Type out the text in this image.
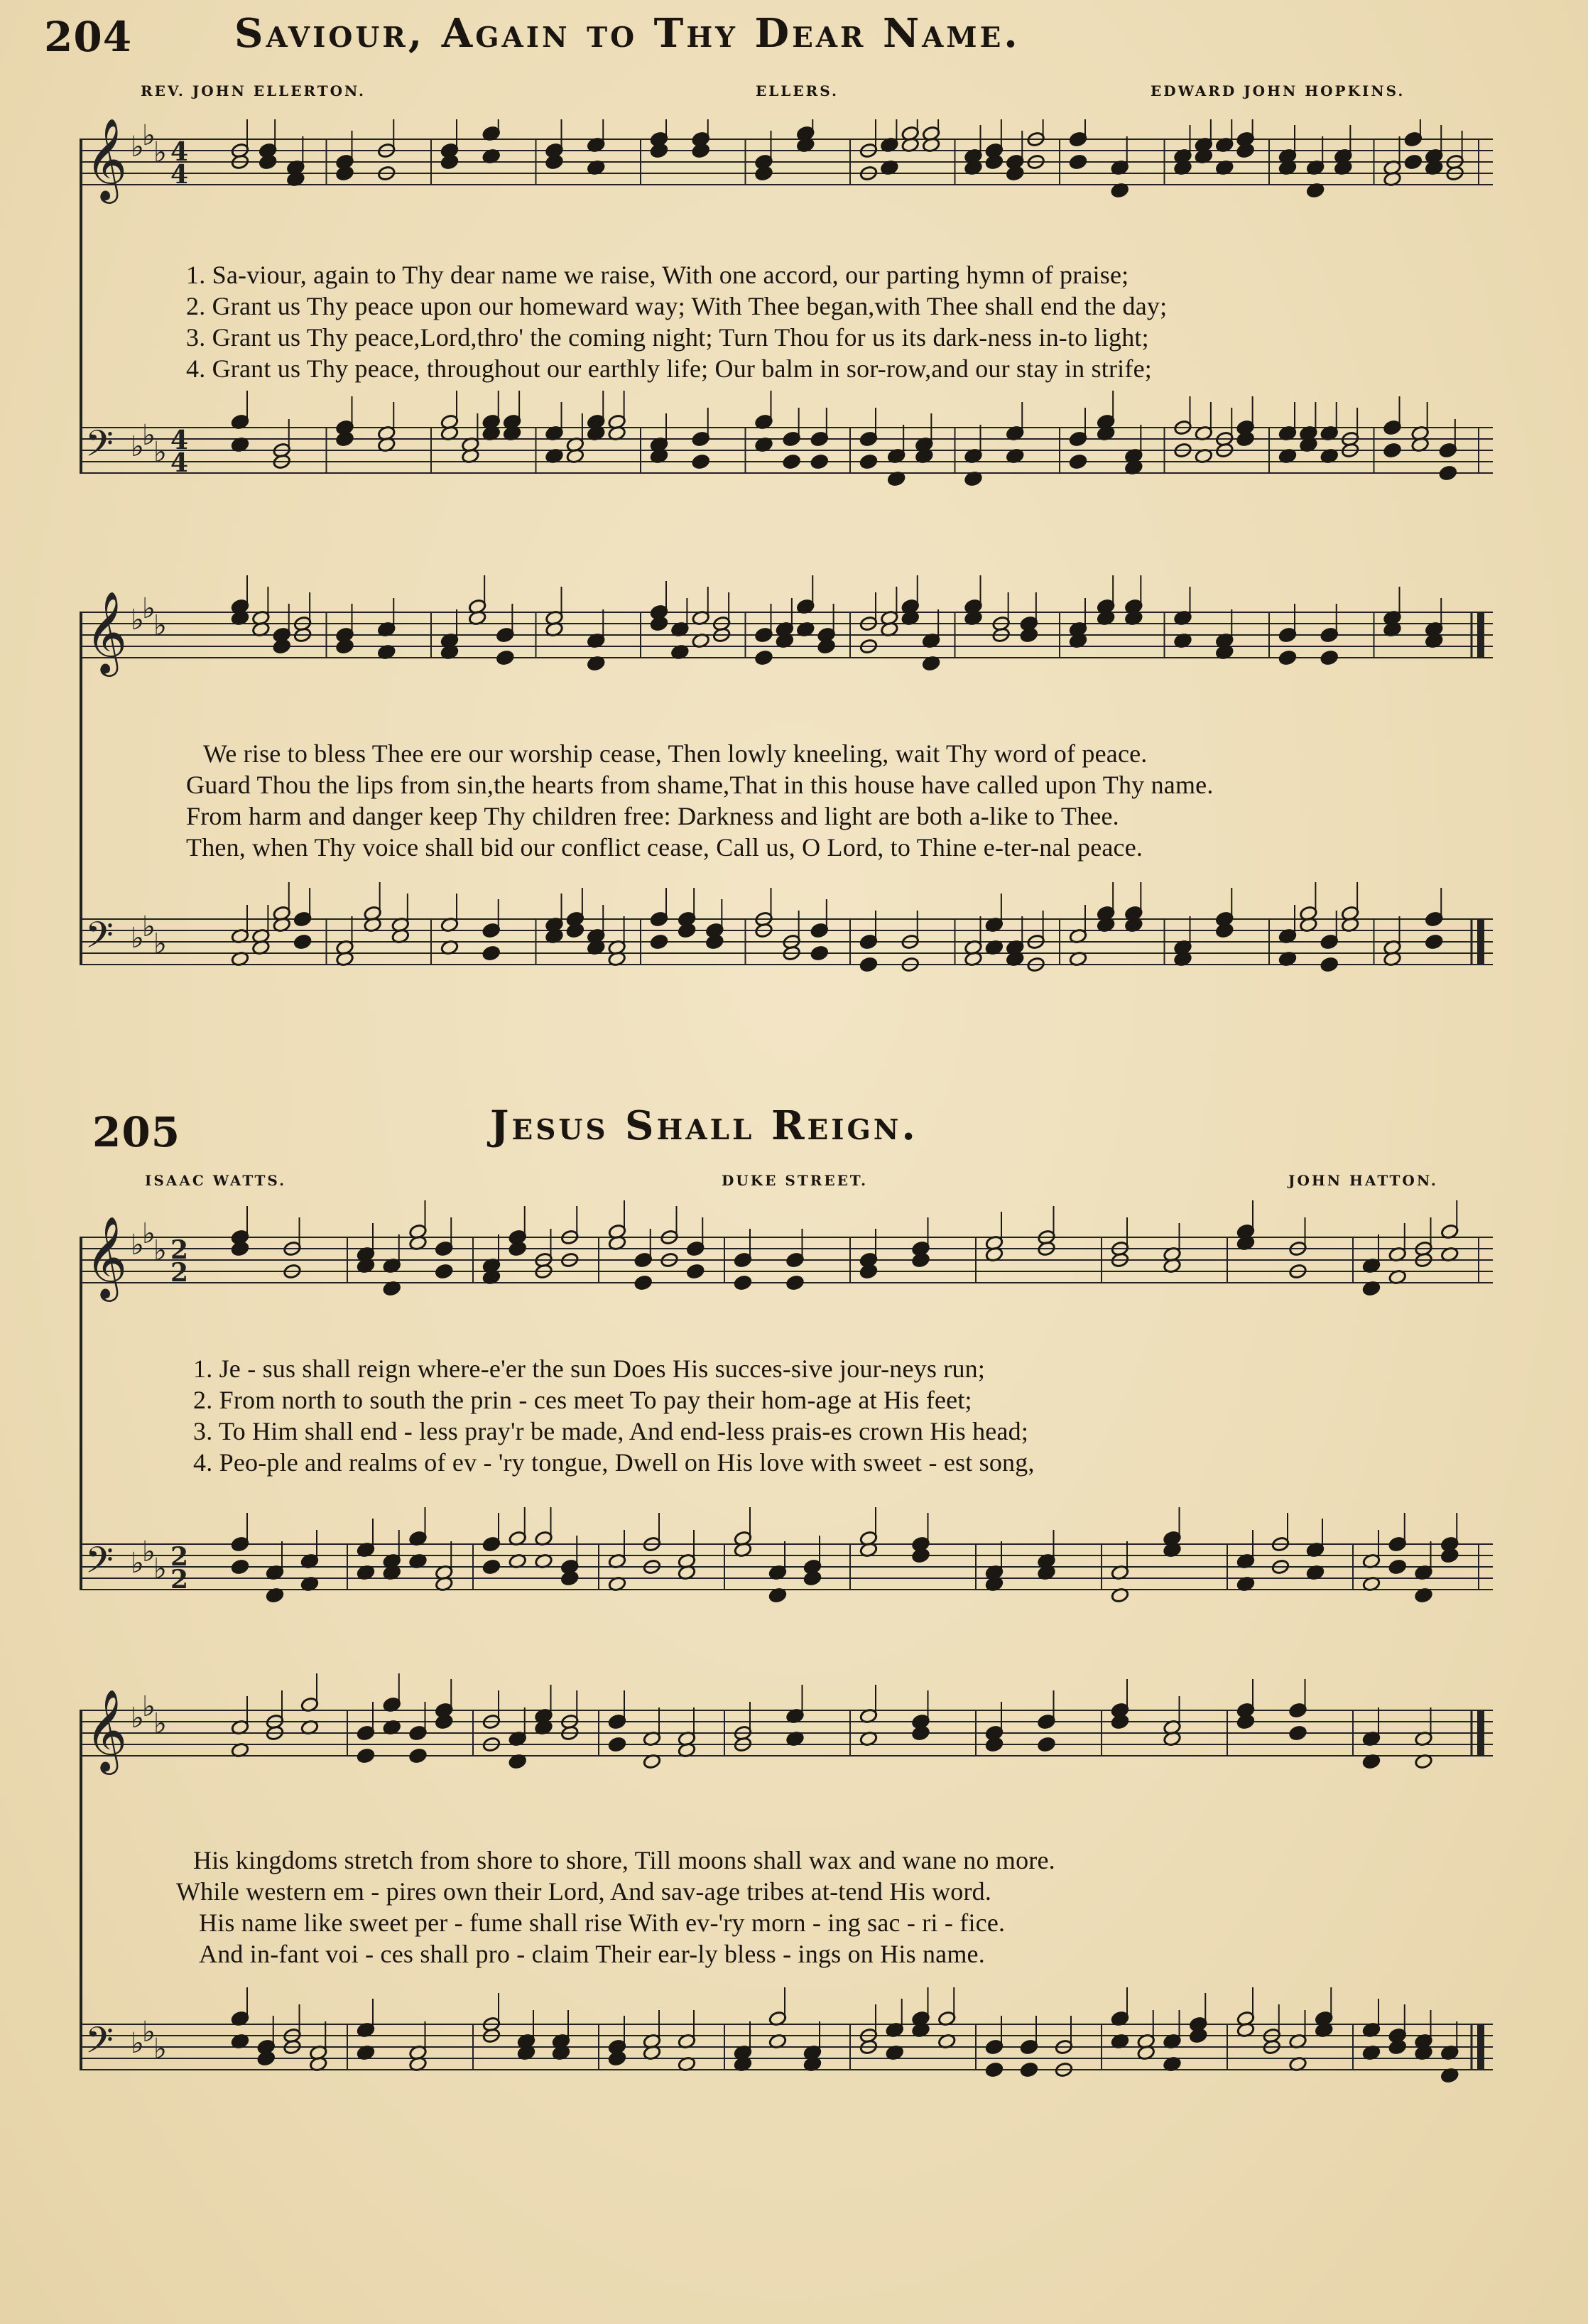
204	Saviour, Again to Thy Dear Name.
REV. JOHN ELLERTON.	ELLERS.	EDWARD JOHN HOPKINS.
𝄞 ♭
♭
♭ 4
4
𝄢 ♭
♭
♭ 4
4
𝄞 ♭
♭
♭
𝄢 ♭
♭
♭
1. Sa-viour, again to Thy dear name we raise, With one accord, our parting hymn of praise;
2. Grant us Thy peace upon our homeward way; With Thee began,with Thee shall end the day;
3. Grant us Thy peace,Lord,thro' the coming night; Turn Thou for us its dark-ness in-to light;
4. Grant us Thy peace, throughout our earthly life; Our balm in sor-row,and our stay in strife;
We rise to bless Thee ere our worship cease, Then lowly kneeling, wait Thy word of peace.
Guard Thou the lips from sin,the hearts from shame,That in this house have called upon Thy name.
From harm and danger keep Thy children free: Darkness and light are both a-like to Thee.
Then, when Thy voice shall bid our conflict cease, Call us, O Lord, to Thine e-ter-nal peace.
205	Jesus Shall Reign.
ISAAC WATTS.	DUKE STREET.	JOHN HATTON.
𝄞 ♭
♭
♭ 2
2
𝄢 ♭
♭
♭ 2
2
𝄞 ♭
♭
♭
𝄢 ♭
♭
♭
1. Je - sus shall reign where-e'er the sun Does His succes-sive jour-neys run;
2. From north to south the prin - ces meet To pay their hom-age at His feet;
3. To Him shall end - less pray'r be made, And end-less prais-es crown His head;
4. Peo-ple and realms of ev - 'ry tongue, Dwell on His love with sweet - est song,
His kingdoms stretch from shore to shore, Till moons shall wax and wane no more.
While western em - pires own their Lord, And sav-age tribes at-tend His word.
His name like sweet per - fume shall rise With ev-'ry morn - ing sac - ri - fice.
And in-fant voi - ces shall pro - claim Their ear-ly bless - ings on His name.
